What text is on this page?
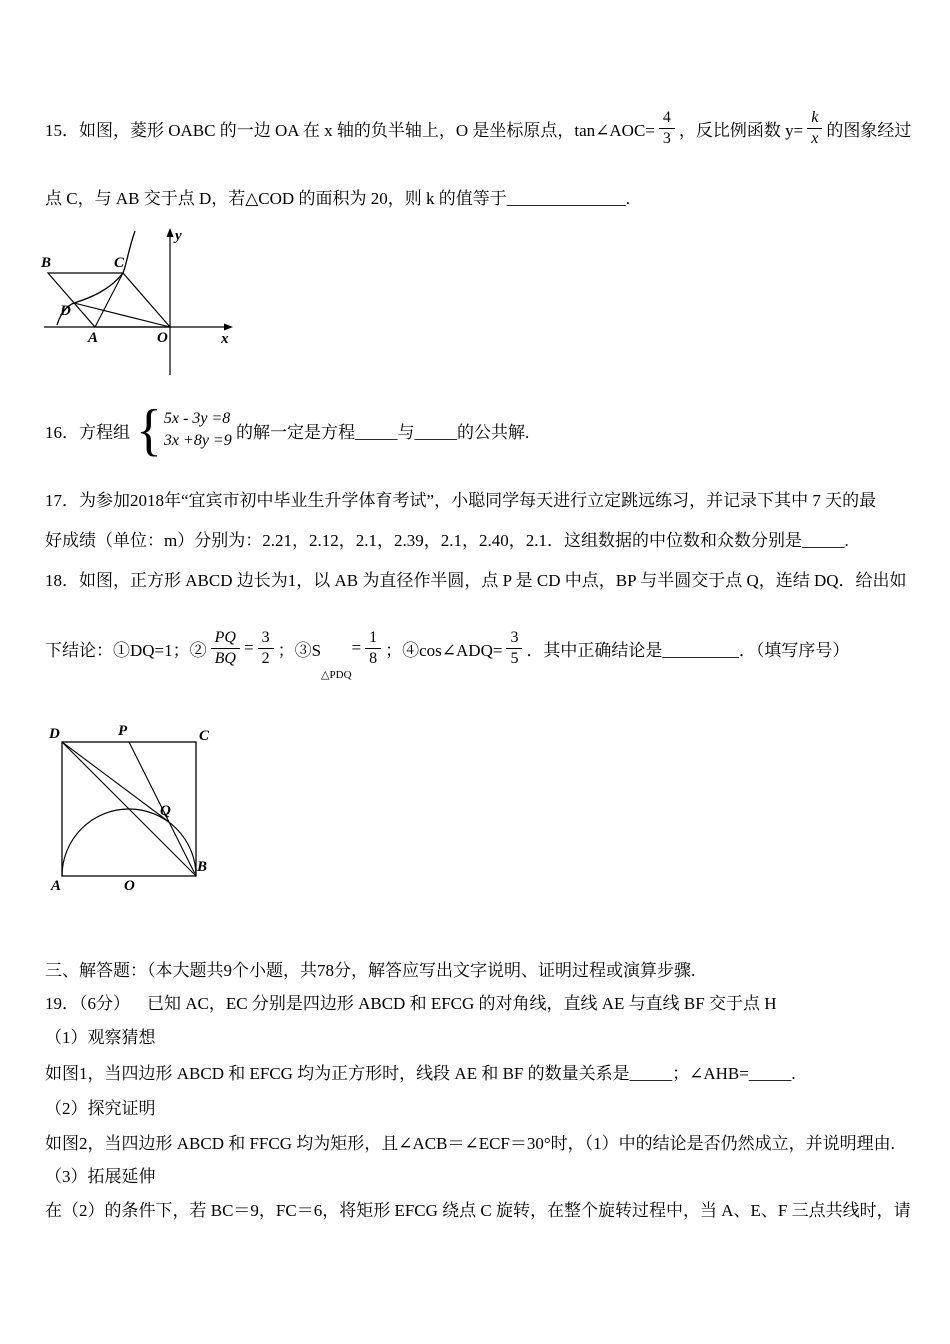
15．如图，菱形 OABC 的一边 OA 在 x 轴的负半轴上，O 是坐标原点，tan∠AOC= $\frac{4}{3}$ ，反比例函数 $y= \frac{k}{x}$ 的图象经过
点 C，与 AB 交于点 D，若△COD 的面积为 20，则 k 的值等于______________.
y
x
O
A
B	C
D
16．方程组 { 5x - 3y =8
3x +8y =9 的解一定是方程_____与_____的公共解.
17．为参加2018年“宜宾市初中毕业生升学体育考试”，小聪同学每天进行立定跳远练习，并记录下其中 7 天的最
好成绩（单位：m）分别为：2.21，2.12，2.1，2.39，2.1，2.40，2.1．这组数据的中位数和众数分别是_____.
18．如图，正方形 ABCD 边长为1，以 AB 为直径作半圆，点 P 是 CD 中点，BP 与半圆交于点 Q，连结 DQ．给出如
下结论：①DQ=1；② $\frac{PQ}{BQ} = \frac{3}{2}$ ；③S
△PDQ
= $\frac{1}{8}$ ；④cos∠ADQ= $\frac{3}{5}$ ．其中正确结论是_________．（填写序号）
D	P	C
Q
A	O
B
三、解答题：（本大题共9个小题，共78分，解答应写出文字说明、证明过程或演算步骤.
19．（6分）    已知 AC，EC 分别是四边形 ABCD 和 EFCG 的对角线，直线 AE 与直线 BF 交于点 H
（1）观察猜想
如图1，当四边形 ABCD 和 EFCG 均为正方形时，线段 AE 和 BF 的数量关系是_____；∠AHB=_____.
（2）探究证明
如图2，当四边形 ABCD 和 FFCG 均为矩形，且∠ACB＝∠ECF＝30°时，（1）中的结论是否仍然成立，并说明理由.
（3）拓展延伸
在（2）的条件下，若 BC＝9，FC＝6，将矩形 EFCG 绕点 C 旋转，在整个旋转过程中，当 A、E、F 三点共线时，请
